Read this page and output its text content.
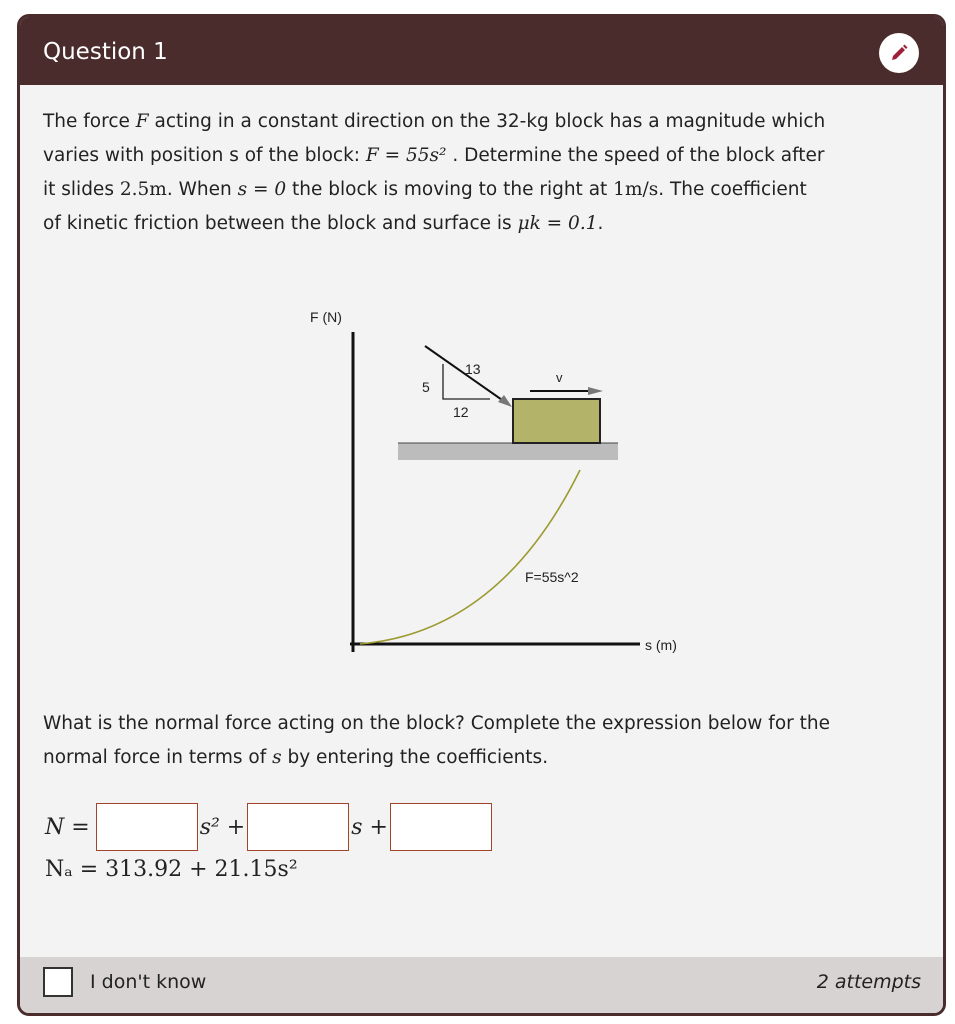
Question 1
The force F acting in a constant direction on the 32-kg block has a magnitude which
varies with position s of the block: F = 55s² . Determine the speed of the block after
it slides 2.5m. When s = 0 the block is moving to the right at 1m/s. The coefficient
of kinetic friction between the block and surface is μk = 0.1.
F (N)
s (m)
F=55s^2
13
5
12
v
What is the normal force acting on the block? Complete the expression below for the
normal force in terms of s by entering the coefficients.
N =	s² +	s +
Nₐ = 313.92 + 21.15s²
I don't know	2 attempts
